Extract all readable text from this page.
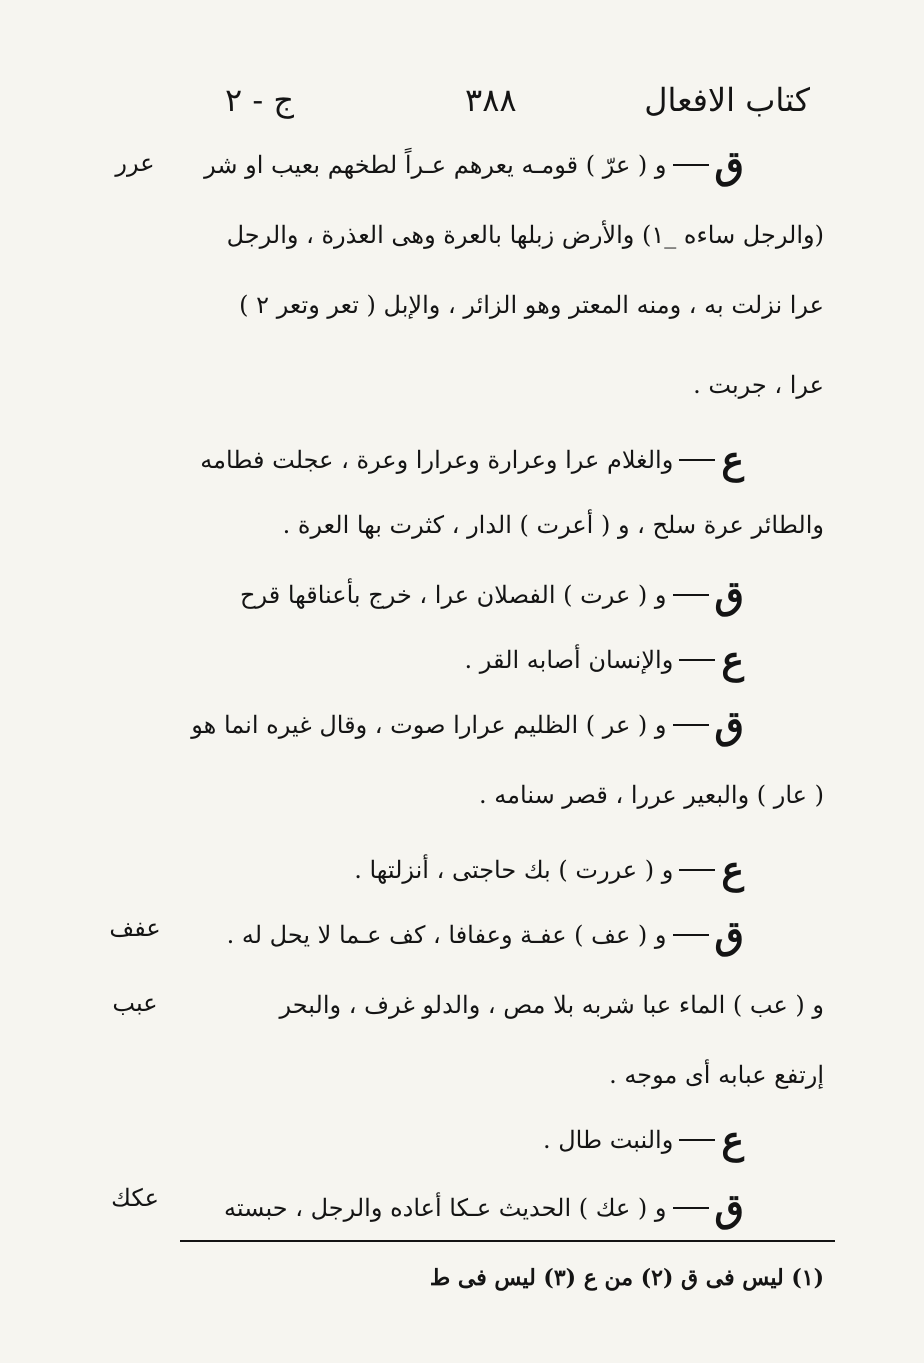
كتاب الافعال
٣٨٨
ج - ٢
قو ( عرّ ) قومـه يعرهم عـراً لطخهم بعيب او شر
(والرجل ساءه _١) والأرض زبلها بالعرة وهى العذرة ، والرجل
عرا نزلت به ، ومنه المعتر وهو الزائر ، والإبل ( تعر وتعر ٢ )
عرا ، جربت .
عوالغلام عرا وعرارة وعرارا وعرة ، عجلت فطامه
والطائر عرة سلح ، و ( أعرت ) الدار ، كثرت بها العرة .
قو ( عرت ) الفصلان عرا ، خرج بأعناقها قرح
عوالإنسان أصابه القر .
قو ( عر ) الظليم عرارا صوت ، وقال غيره انما هو
( عار ) والبعير عررا ، قصر سنامه .
عو ( عررت ) بك حاجتى ، أنزلتها .
قو ( عف ) عفـة وعفافا ، كف عـما لا يحل له .
و ( عب ) الماء عبا شربه بلا مص ، والدلو غرف ، والبحر
إرتفع عبابه أى موجه .
عوالنبت طال .
قو ( عك ) الحديث عـكا أعاده والرجل ، حبسته
عرر
عفف
عبب
عكك
(١) ليس فى ق (٢) من ع (٣) ليس فى ط
